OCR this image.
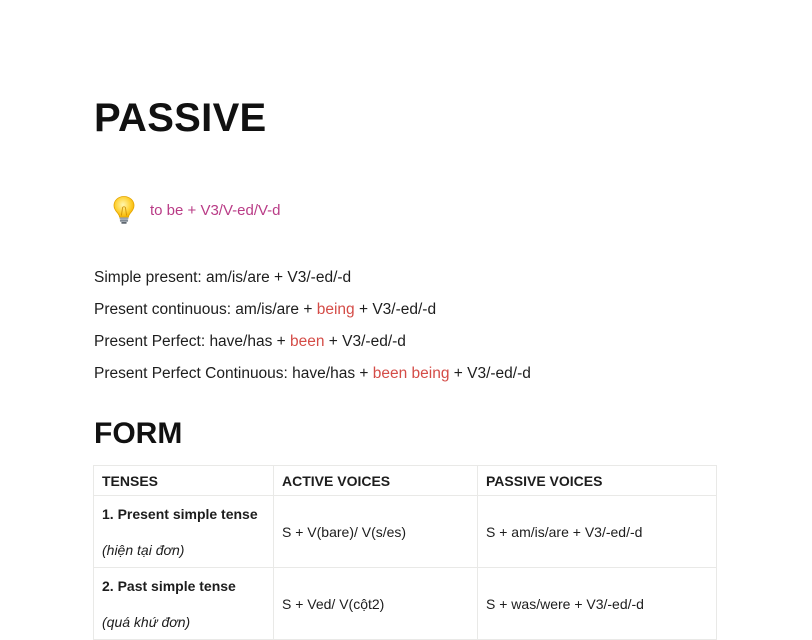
PASSIVE
to be + V3/V-ed/V-d
Simple present: am/is/are + V3/-ed/-d
Present continuous: am/is/are + being + V3/-ed/-d
Present Perfect: have/has + been + V3/-ed/-d
Present Perfect Continuous: have/has + been being + V3/-ed/-d
FORM
TENSES	ACTIVE VOICES	PASSIVE VOICES

1. Present simple tense
(hiện tại đơn)	S + V(bare)/ V(s/es)	S + am/is/are + V3/-ed/-d

2. Past simple tense
(quá khứ đơn)	S + Ved/ V(cột2)	S + was/were + V3/-ed/-d
